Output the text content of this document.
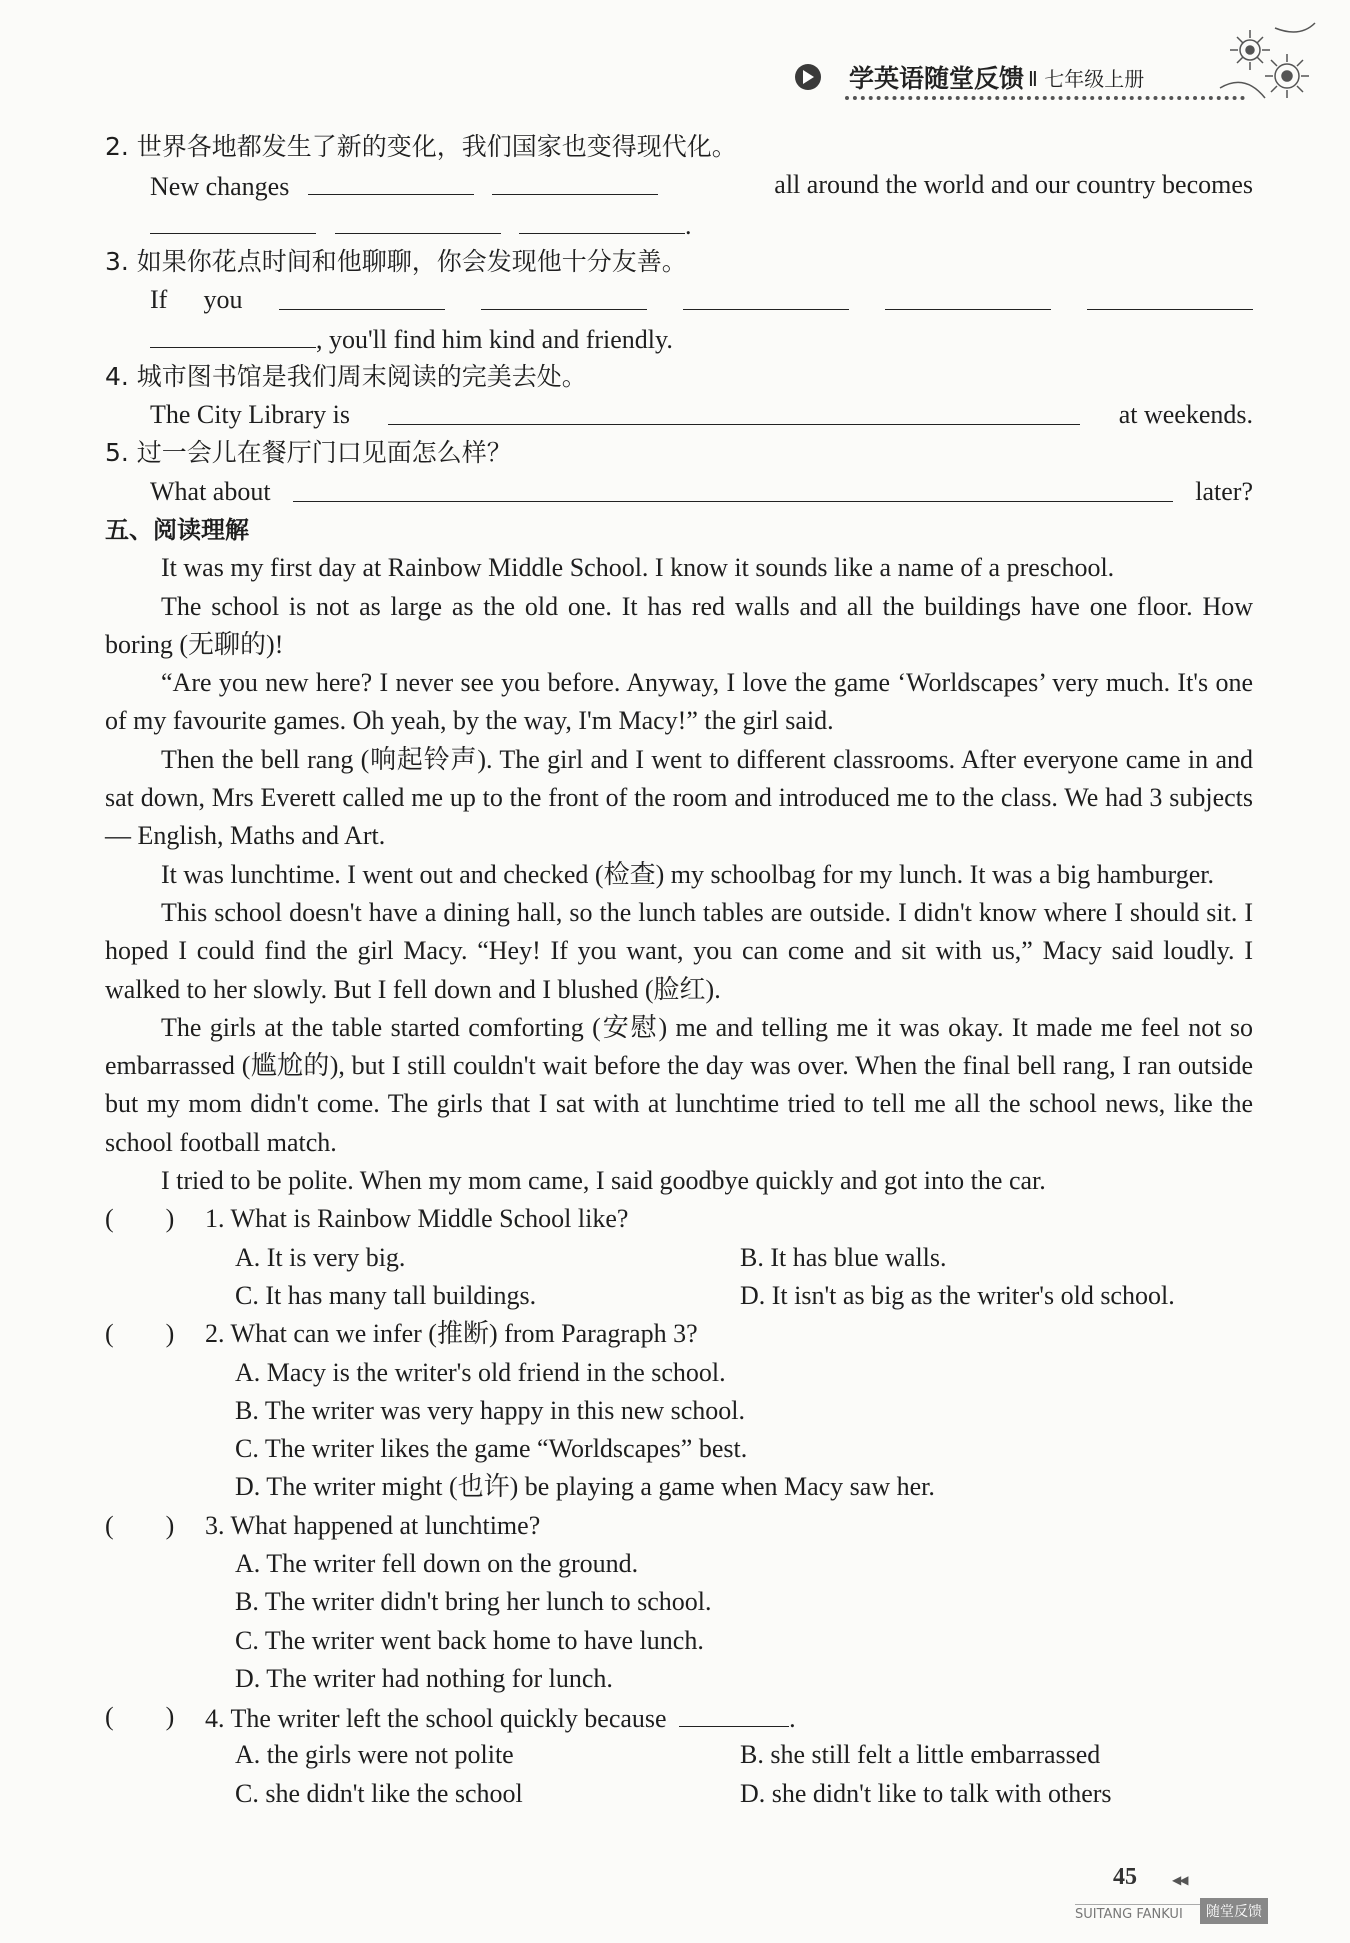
学英语随堂反馈 Ⅱ 七年级上册
2. 世界各地都发生了新的变化，我们国家也变得现代化。
New changes	all around the world and our country becomes
.
3. 如果你花点时间和他聊聊，你会发现他十分友善。
If you
, you'll find him kind and friendly.
4. 城市图书馆是我们周末阅读的完美去处。
The City Library is	at weekends.
5. 过一会儿在餐厅门口见面怎么样？
What about	later?
五、阅读理解
It was my first day at Rainbow Middle School. I know it sounds like a name of a preschool.
The school is not as large as the old one. It has red walls and all the buildings have one floor. How boring (无聊的)!
“Are you new here? I never see you before. Anyway, I love the game ‘Worldscapes’ very much. It's one of my favourite games. Oh yeah, by the way, I'm Macy!” the girl said.
Then the bell rang (响起铃声). The girl and I went to different classrooms. After everyone came in and sat down, Mrs Everett called me up to the front of the room and introduced me to the class. We had 3 subjects — English, Maths and Art.
It was lunchtime. I went out and checked (检查) my schoolbag for my lunch. It was a big hamburger.
This school doesn't have a dining hall, so the lunch tables are outside. I didn't know where I should sit. I hoped I could find the girl Macy. “Hey! If you want, you can come and sit with us,” Macy said loudly. I walked to her slowly. But I fell down and I blushed (脸红).
The girls at the table started comforting (安慰) me and telling me it was okay. It made me feel not so embarrassed (尴尬的), but I still couldn't wait before the day was over. When the final bell rang, I ran outside but my mom didn't come. The girls that I sat with at lunchtime tried to tell me all the school news, like the school football match.
I tried to be polite. When my mom came, I said goodbye quickly and got into the car.
(　　)	1. What is Rainbow Middle School like?
A. It is very big.	B. It has blue walls.
C. It has many tall buildings.	D. It isn't as big as the writer's old school.
(　　)	2. What can we infer (推断) from Paragraph 3?
A. Macy is the writer's old friend in the school.
B. The writer was very happy in this new school.
C. The writer likes the game “Worldscapes” best.
D. The writer might (也许) be playing a game when Macy saw her.
(　　)	3. What happened at lunchtime?
A. The writer fell down on the ground.
B. The writer didn't bring her lunch to school.
C. The writer went back home to have lunch.
D. The writer had nothing for lunch.
(　　)	4. The writer left the school quickly because	.
A. the girls were not polite	B. she still felt a little embarrassed
C. she didn't like the school	D. she didn't like to talk with others
45	◀◀
SUITANG FANKUI	随堂反馈
